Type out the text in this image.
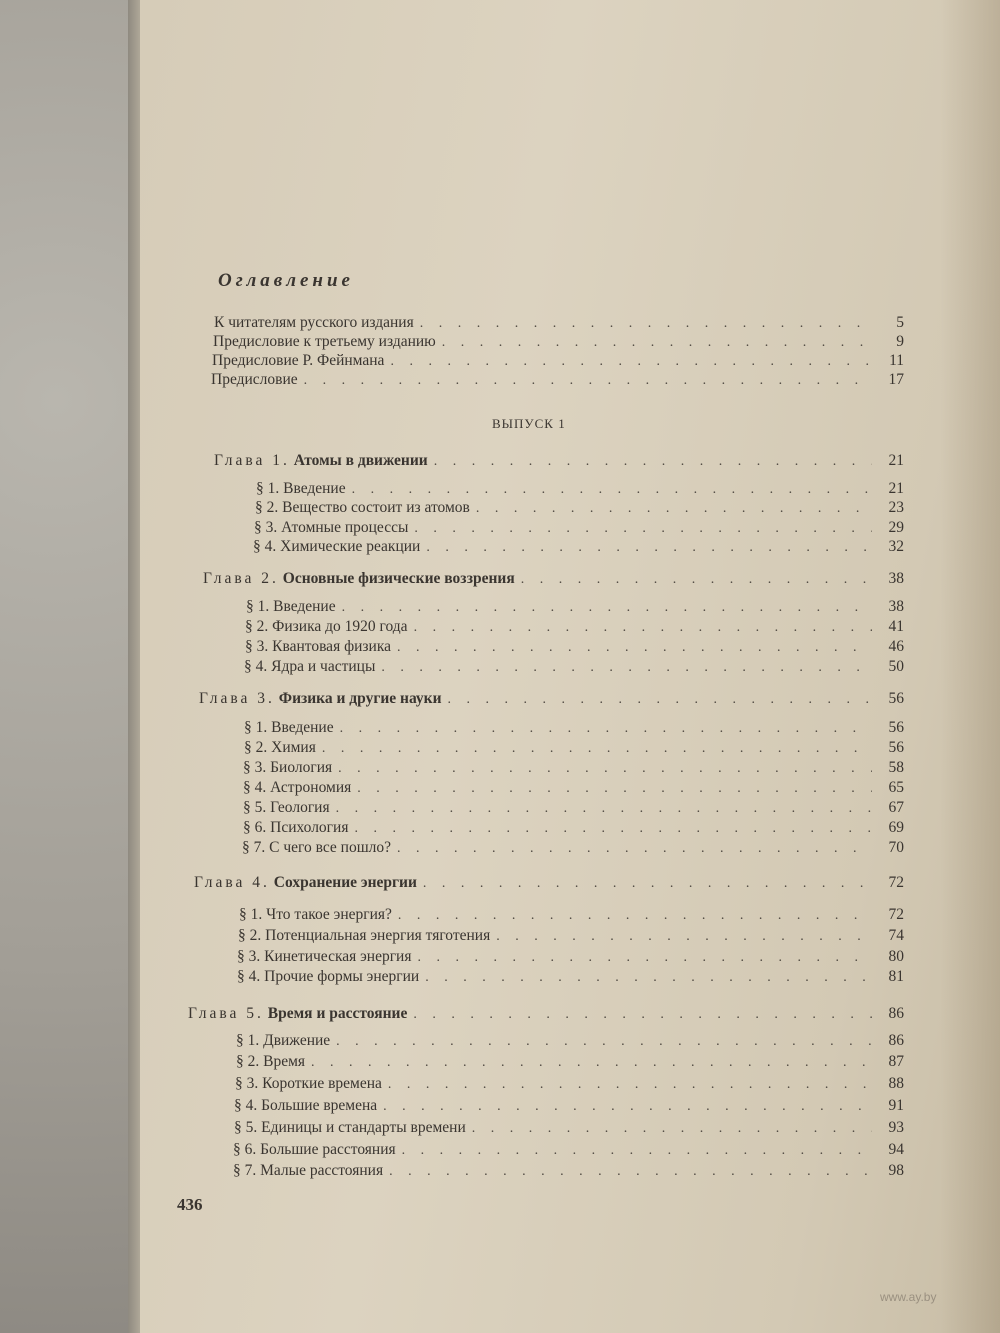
Оглавление
К читателям русского издания . . .	5
Предисловие к третьему изданию . . .	9
Предисловие Р. Фейнмана . . .	11
Предисловие . . .	17
ВЫПУСК 1
Глава 1. Атомы в движении . . .	21
§ 1. Введение . . .	21
§ 2. Вещество состоит из атомов . . .	23
§ 3. Атомные процессы . . .	29
§ 4. Химические реакции . . .	32
Глава 2. Основные физические воззрения . . .	38
§ 1. Введение . . .	38
§ 2. Физика до 1920 года . . .	41
§ 3. Квантовая физика . . .	46
§ 4. Ядра и частицы . . .	50
Глава 3. Физика и другие науки . . .	56
§ 1. Введение . . .	56
§ 2. Химия . . .	56
§ 3. Биология . . .	58
§ 4. Астрономия . . .	65
§ 5. Геология . . .	67
§ 6. Психология . . .	69
§ 7. С чего все пошло? . . .	70
Глава 4. Сохранение энергии . . .	72
§ 1. Что такое энергия? . . .	72
§ 2. Потенциальная энергия тяготения . . .	74
§ 3. Кинетическая энергия . . .	80
§ 4. Прочие формы энергии . . .	81
Глава 5. Время и расстояние . . .	86
§ 1. Движение . . .	86
§ 2. Время . . .	87
§ 3. Короткие времена . . .	88
§ 4. Большие времена . . .	91
§ 5. Единицы и стандарты времени . . .	93
§ 6. Большие расстояния . . .	94
§ 7. Малые расстояния . . .	98
436
www.ay.by
